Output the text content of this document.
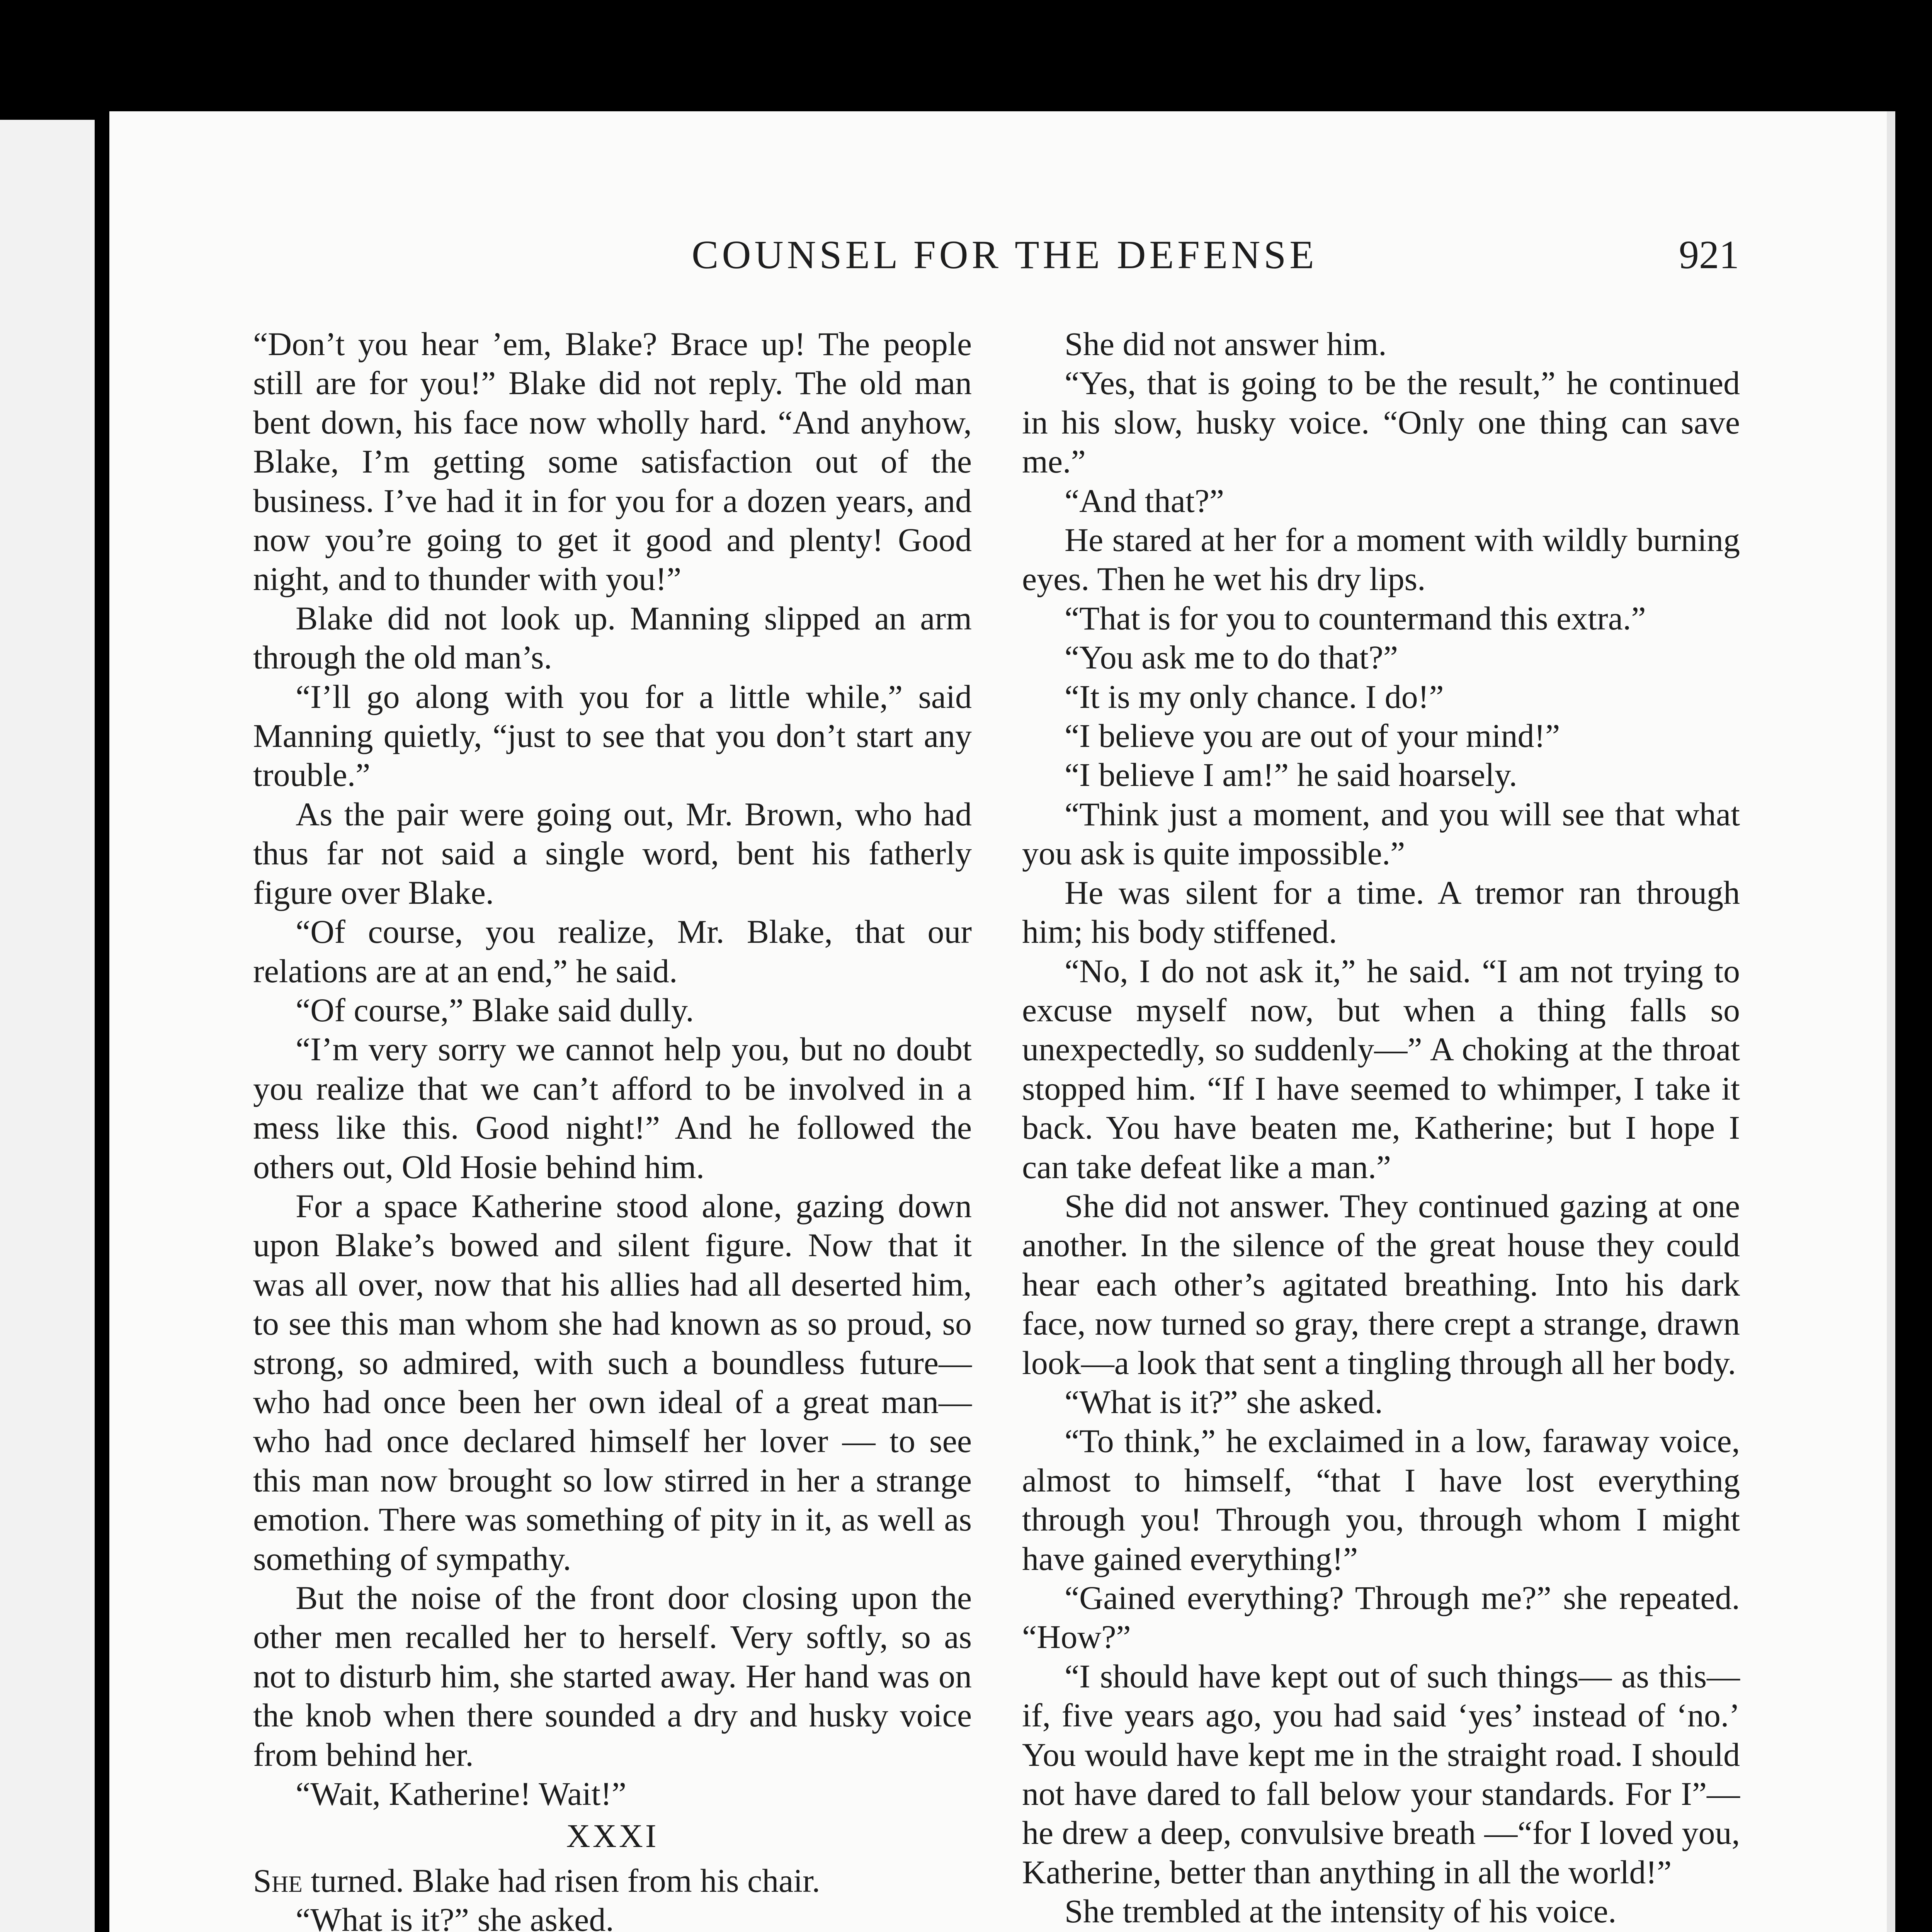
COUNSEL FOR THE DEFENSE	921

“Don’t you hear ’em, Blake? Brace up! The people still are for you!” Blake did not reply. The old man bent down, his face now wholly hard. “And anyhow, Blake, I’m getting some satisfaction out of the business. I’ve had it in for you for a dozen years, and now you’re going to get it good and plenty! Good night, and to thunder with you!”

Blake did not look up. Manning slipped an arm through the old man’s.

“I’ll go along with you for a little while,” said Manning quietly, “just to see that you don’t start any trouble.”

As the pair were going out, Mr. Brown, who had thus far not said a single word, bent his fatherly figure over Blake.

“Of course, you realize, Mr. Blake, that our relations are at an end,” he said.

“Of course,” Blake said dully.

“I’m very sorry we cannot help you, but no doubt you realize that we can’t afford to be involved in a mess like this. Good night!” And he followed the others out, Old Hosie behind him.

For a space Katherine stood alone, gazing down upon Blake’s bowed and silent figure. Now that it was all over, now that his allies had all deserted him, to see this man whom she had known as so proud, so strong, so admired, with such a boundless future—who had once been her own ideal of a great man—who had once declared himself her lover — to see this man now brought so low stirred in her a strange emotion. There was something of pity in it, as well as something of sympathy.

But the noise of the front door closing upon the other men recalled her to herself. Very softly, so as not to disturb him, she started away. Her hand was on the knob when there sounded a dry and husky voice from behind her.

“Wait, Katherine! Wait!”

XXXI

She turned. Blake had risen from his chair.

“What is it?” she asked.

She did not answer him.

“Yes, that is going to be the result,” he continued in his slow, husky voice. “Only one thing can save me.”

“And that?”

He stared at her for a moment with wildly burning eyes. Then he wet his dry lips.

“That is for you to countermand this extra.”

“You ask me to do that?”

“It is my only chance. I do!”

“I believe you are out of your mind!”

“I believe I am!” he said hoarsely.

“Think just a moment, and you will see that what you ask is quite impossible.”

He was silent for a time. A tremor ran through him; his body stiffened.

“No, I do not ask it,” he said. “I am not trying to excuse myself now, but when a thing falls so unexpectedly, so suddenly—” A choking at the throat stopped him. “If I have seemed to whimper, I take it back. You have beaten me, Katherine; but I hope I can take defeat like a man.”

She did not answer. They continued gazing at one another. In the silence of the great house they could hear each other’s agitated breathing. Into his dark face, now turned so gray, there crept a strange, drawn look—a look that sent a tingling through all her body.

“What is it?” she asked.

“To think,” he exclaimed in a low, faraway voice, almost to himself, “that I have lost everything through you! Through you, through whom I might have gained everything!”

“Gained everything? Through me?” she repeated. “How?”

“I should have kept out of such things— as this—if, five years ago, you had said ‘yes’ instead of ‘no.’ You would have kept me in the straight road. I should not have dared to fall below your standards. For I”—he drew a deep, convulsive breath —“for I loved you, Katherine, better than anything in all the world!”

She trembled at the intensity of his voice.
